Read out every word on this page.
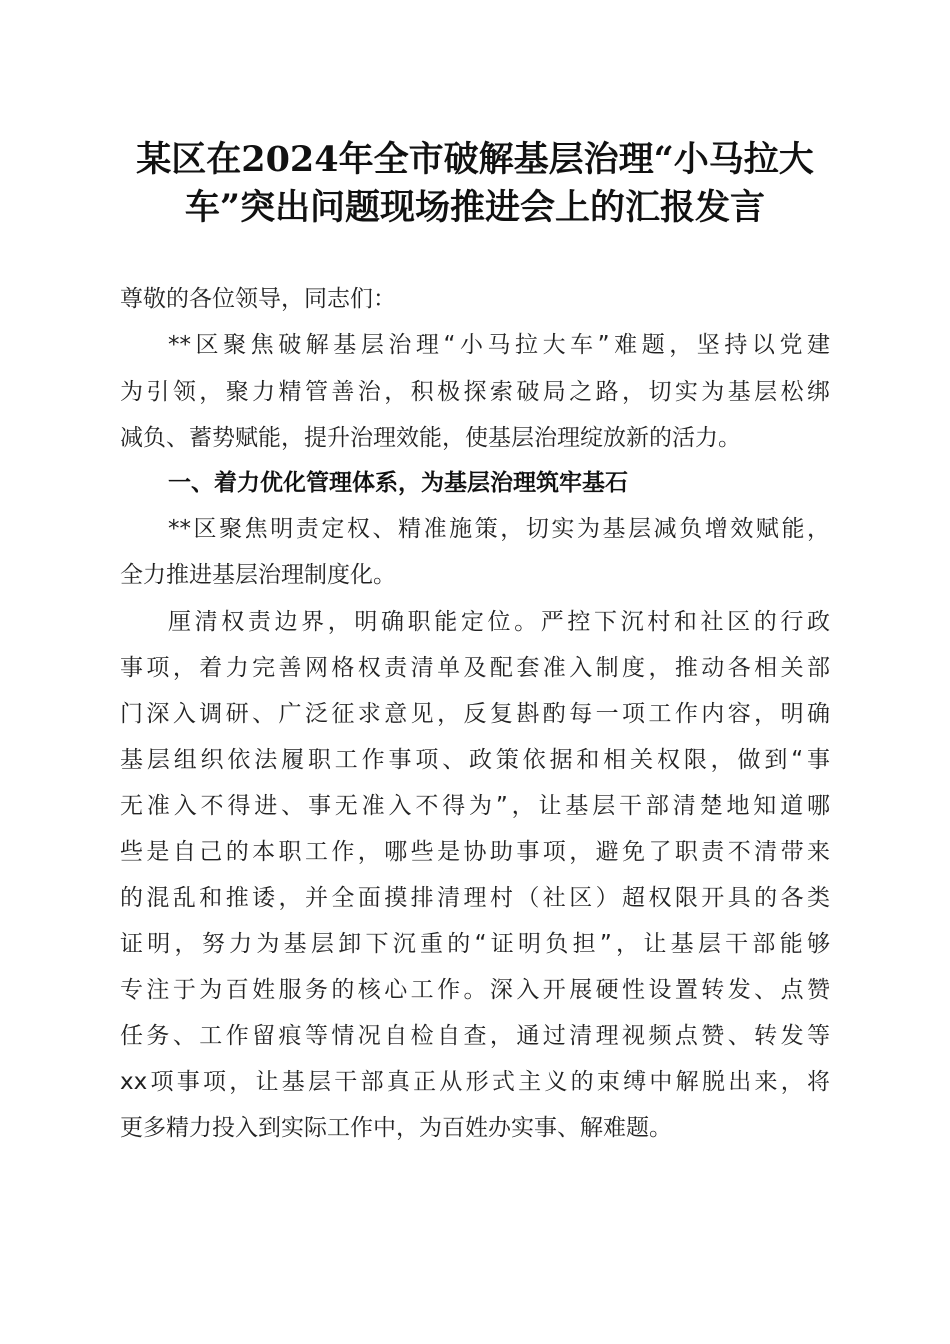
某区在2024年全市破解基层治理“小马拉大
车”突出问题现场推进会上的汇报发言
尊敬的各位领导，同志们：
**区聚焦破解基层治理“小马拉大车”难题，坚持以党建
为引领，聚力精管善治，积极探索破局之路，切实为基层松绑
减负、蓄势赋能，提升治理效能，使基层治理绽放新的活力。
一、着力优化管理体系，为基层治理筑牢基石
**区聚焦明责定权、精准施策，切实为基层减负增效赋能，
全力推进基层治理制度化。
厘清权责边界，明确职能定位。严控下沉村和社区的行政
事项，着力完善网格权责清单及配套准入制度，推动各相关部
门深入调研、广泛征求意见，反复斟酌每一项工作内容，明确
基层组织依法履职工作事项、政策依据和相关权限，做到“事
无准入不得进、事无准入不得为”，让基层干部清楚地知道哪
些是自己的本职工作，哪些是协助事项，避免了职责不清带来
的混乱和推诿，并全面摸排清理村（社区）超权限开具的各类
证明，努力为基层卸下沉重的“证明负担”，让基层干部能够
专注于为百姓服务的核心工作。深入开展硬性设置转发、点赞
任务、工作留痕等情况自检自查，通过清理视频点赞、转发等
xx项事项，让基层干部真正从形式主义的束缚中解脱出来，将
更多精力投入到实际工作中，为百姓办实事、解难题。
